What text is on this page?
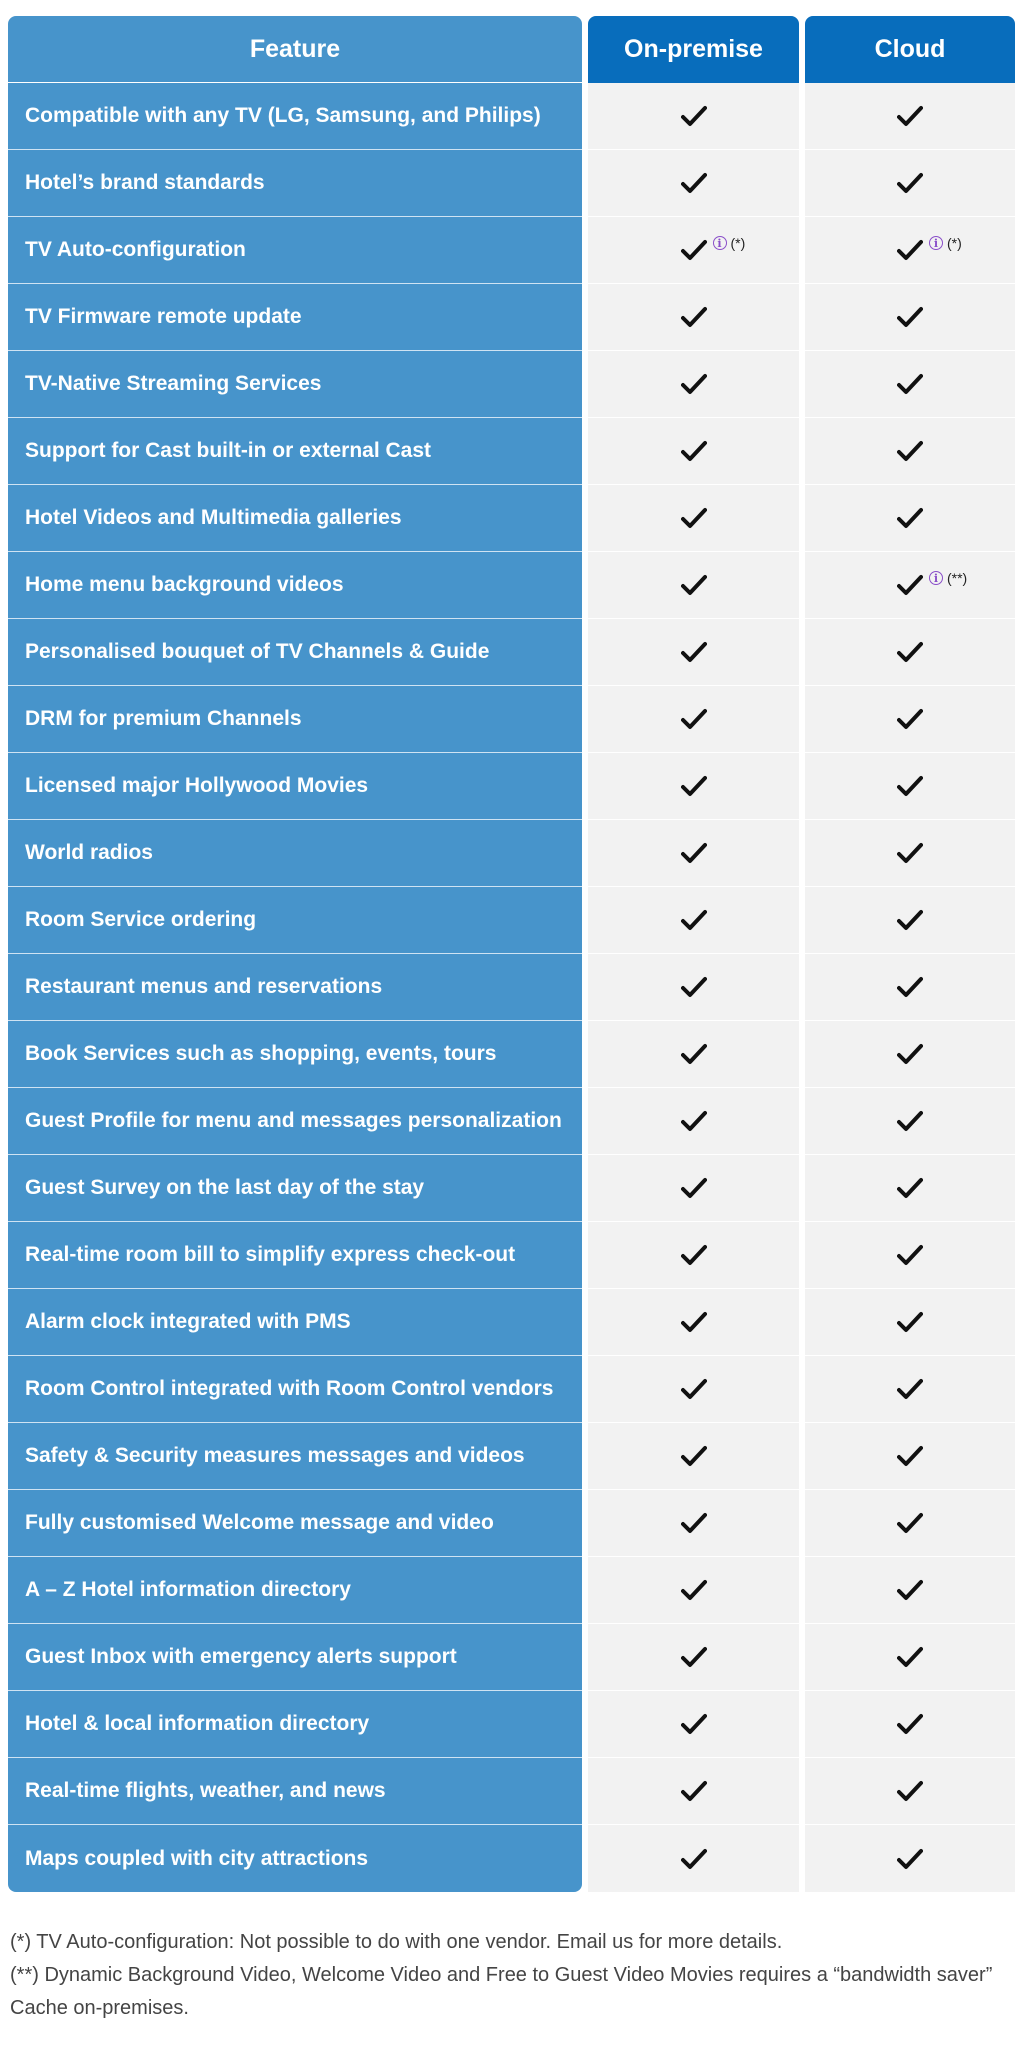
Feature
Compatible with any TV (LG, Samsung, and Philips)
Hotel’s brand standards
TV Auto-configuration
TV Firmware remote update
TV-Native Streaming Services
Support for Cast built-in or external Cast
Hotel Videos and Multimedia galleries
Home menu background videos
Personalised bouquet of TV Channels & Guide
DRM for premium Channels
Licensed major Hollywood Movies
World radios
Room Service ordering
Restaurant menus and reservations
Book Services such as shopping, events, tours
Guest Profile for menu and messages personalization
Guest Survey on the last day of the stay
Real-time room bill to simplify express check-out
Alarm clock integrated with PMS
Room Control integrated with Room Control vendors
Safety & Security measures messages and videos
Fully customised Welcome message and video
A – Z Hotel information directory
Guest Inbox with emergency alerts support
Hotel & local information directory
Real-time flights, weather, and news
Maps coupled with city attractions
On-premise
i (*)
Cloud
i (*)
i (**)

(*) TV Auto-configuration: Not possible to do with one vendor. Email us for more details.

(**) Dynamic Background Video, Welcome Video and Free to Guest Video Movies requires a “bandwidth saver” Cache on-premises.
